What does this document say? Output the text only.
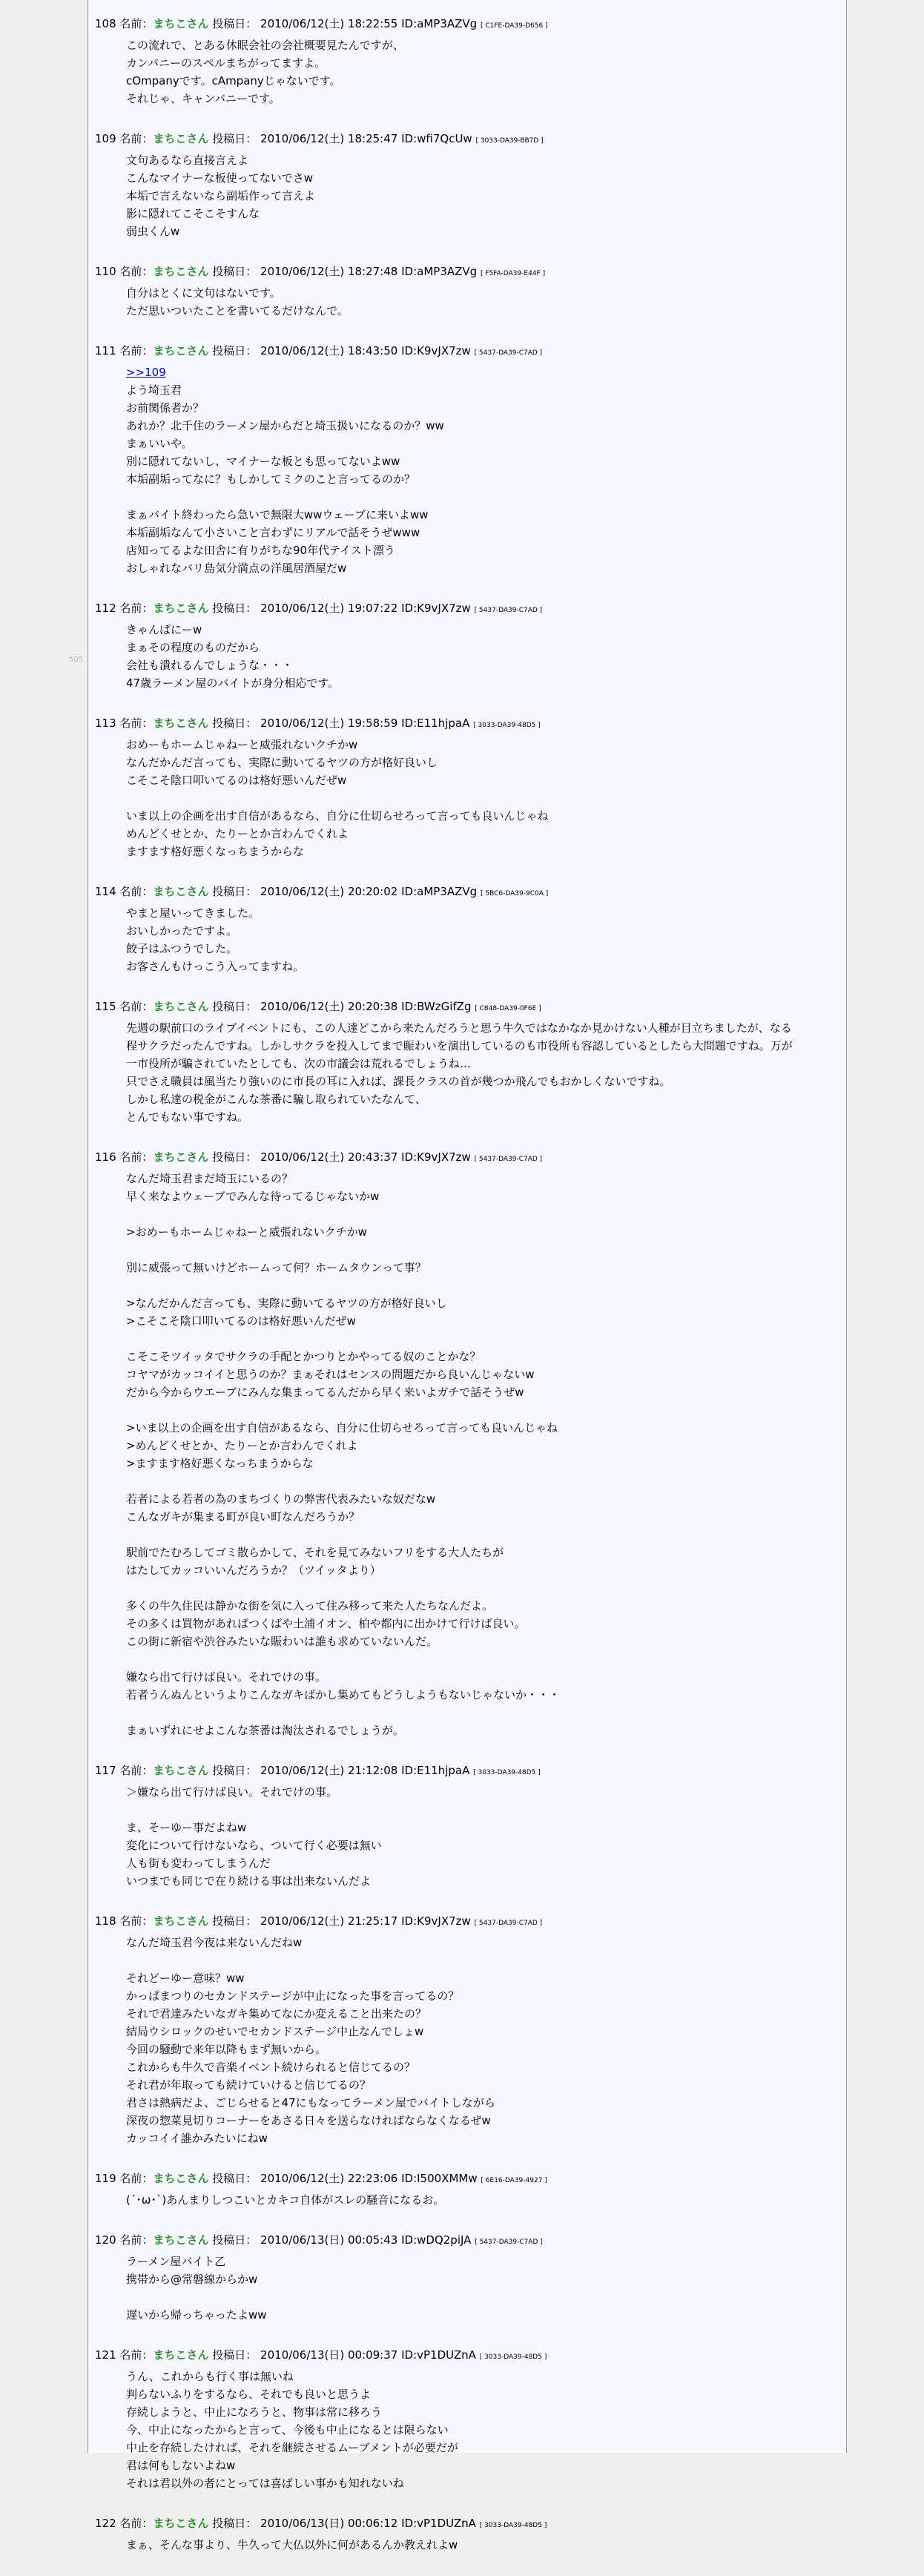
108 名前：まちこさん 投稿日： 2010/06/12(土) 18:22:55 ID:aMP3AZVg [ C1FE-DA39-D656 ]
この流れで、とある休眠会社の会社概要見たんですが、
カンバニーのスペルまちがってますよ。
cOmpanyです。cAmpanyじゃないです。
それじゃ、キャンバニーです。
109 名前：まちこさん 投稿日： 2010/06/12(土) 18:25:47 ID:wfi7QcUw [ 3033-DA39-BB7D ]
文句あるなら直接言えよ
こんなマイナーな板使ってないでさw
本垢で言えないなら副垢作って言えよ
影に隠れてこそこそすんな
弱虫くんw
110 名前：まちこさん 投稿日： 2010/06/12(土) 18:27:48 ID:aMP3AZVg [ F5FA-DA39-E44F ]
自分はとくに文句はないです。
ただ思いついたことを書いてるだけなんで。
111 名前：まちこさん 投稿日： 2010/06/12(土) 18:43:50 ID:K9vJX7zw [ 5437-DA39-C7AD ]
>>109
よう埼玉君
お前関係者か？
あれか？北千住のラーメン屋からだと埼玉扱いになるのか？ww
まぁいいや。
別に隠れてないし、マイナーな板とも思ってないよww
本垢副垢ってなに？もしかしてミクのこと言ってるのか？
まぁバイト終わったら急いで無限大wwウェーブに来いよww
本垢副垢なんて小さいこと言わずにリアルで話そうぜwww
店知ってるよな田舎に有りがちな90年代テイスト漂う
おしゃれなバリ島気分満点の洋風居酒屋だw
112 名前：まちこさん 投稿日： 2010/06/12(土) 19:07:22 ID:K9vJX7zw [ 5437-DA39-C7AD ]
きゃんぱにーw
まぁその程度のものだから
会社も潰れるんでしょうな・・・
47歳ラーメン屋のバイトが身分相応です。
113 名前：まちこさん 投稿日： 2010/06/12(土) 19:58:59 ID:E11hjpaA [ 3033-DA39-48D5 ]
おめーもホームじゃねーと威張れないクチかw
なんだかんだ言っても、実際に動いてるヤツの方が格好良いし
こそこそ陰口叩いてるのは格好悪いんだぜw
いま以上の企画を出す自信があるなら、自分に仕切らせろって言っても良いんじゃね
めんどくせとか、たりーとか言わんでくれよ
ますます格好悪くなっちまうからな
114 名前：まちこさん 投稿日： 2010/06/12(土) 20:20:02 ID:aMP3AZVg [ 5BC6-DA39-9C0A ]
やまと屋いってきました。
おいしかったですよ。
餃子はふつうでした。
お客さんもけっこう入ってますね。
115 名前：まちこさん 投稿日： 2010/06/12(土) 20:20:38 ID:BWzGifZg [ C848-DA39-0F6E ]
先週の駅前口のライブイベントにも、この人達どこから来たんだろうと思う牛久ではなかなか見かけない人種が目立ちましたが、なる
程サクラだったんですね。しかしサクラを投入してまで賑わいを演出しているのも市役所も容認しているとしたら大問題ですね。万が
一市役所が騙されていたとしても、次の市議会は荒れるでしょうね…
只でさえ職員は風当たり強いのに市長の耳に入れば、課長クラスの首が幾つか飛んでもおかしくないですね。
しかし私達の税金がこんな茶番に騙し取られていたなんて、
とんでもない事ですね。
116 名前：まちこさん 投稿日： 2010/06/12(土) 20:43:37 ID:K9vJX7zw [ 5437-DA39-C7AD ]
なんだ埼玉君まだ埼玉にいるの？
早く来なよウェーブでみんな待ってるじゃないかw
>おめーもホームじゃねーと威張れないクチかw
別に威張って無いけどホームって何？ホームタウンって事？
>なんだかんだ言っても、実際に動いてるヤツの方が格好良いし
>こそこそ陰口叩いてるのは格好悪いんだぜw
こそこそツイッタでサクラの手配とかつりとかやってる奴のことかな？
コヤマがカッコイイと思うのか？まぁそれはセンスの問題だから良いんじゃないw
だから今からウエーブにみんな集まってるんだから早く来いよガチで話そうぜw
>いま以上の企画を出す自信があるなら、自分に仕切らせろって言っても良いんじゃね
>めんどくせとか、たりーとか言わんでくれよ
>ますます格好悪くなっちまうからな
若者による若者の為のまちづくりの弊害代表みたいな奴だなw
こんなガキが集まる町が良い町なんだろうか？
駅前でたむろしてゴミ散らかして、それを見てみないフリをする大人たちが
はたしてカッコいいんだろうか？（ツイッタより）
多くの牛久住民は静かな街を気に入って住み移って来た人たちなんだよ。
その多くは買物があればつくばや土浦イオン、柏や都内に出かけて行けば良い。
この街に新宿や渋谷みたいな賑わいは誰も求めていないんだ。
嫌なら出て行けば良い。それでけの事。
若者うんぬんというよりこんなガキばかし集めてもどうしようもないじゃないか・・・
まぁいずれにせよこんな茶番は淘汰されるでしょうが。
117 名前：まちこさん 投稿日： 2010/06/12(土) 21:12:08 ID:E11hjpaA [ 3033-DA39-48D5 ]
＞嫌なら出て行けば良い。それでけの事。
ま、そーゆー事だよねw
変化について行けないなら、ついて行く必要は無い
人も街も変わってしまうんだ
いつまでも同じで在り続ける事は出来ないんだよ
118 名前：まちこさん 投稿日： 2010/06/12(土) 21:25:17 ID:K9vJX7zw [ 5437-DA39-C7AD ]
なんだ埼玉君今夜は来ないんだねw
それどーゆー意味？ww
かっぱまつりのセカンドステージが中止になった事を言ってるの？
それで君達みたいなガキ集めてなにか変えること出来たの？
結局ウシロックのせいでセカンドステージ中止なんでしょw
今回の騒動で来年以降もまず無いから。
これからも牛久で音楽イベント続けられると信じてるの？
それ君が年取っても続けていけると信じてるの？
君さは熱病だよ、ごじらせると47にもなってラーメン屋でバイトしながら
深夜の惣菜見切りコーナーをあさる日々を送らなければならなくなるぜw
カッコイイ誰かみたいにねw
119 名前：まちこさん 投稿日： 2010/06/12(土) 22:23:06 ID:I500XMMw [ 6E16-DA39-4927 ]
(´･ω･`)あんまりしつこいとカキコ自体がスレの騒音になるお。
120 名前：まちこさん 投稿日： 2010/06/13(日) 00:05:43 ID:wDQ2piJA [ 5437-DA39-C7AD ]
ラーメン屋バイト乙
携帯から@常磐線からかw
遅いから帰っちゃったよww
121 名前：まちこさん 投稿日： 2010/06/13(日) 00:09:37 ID:vP1DUZnA [ 3033-DA39-48D5 ]
うん、これからも行く事は無いね
判らないふりをするなら、それでも良いと思うよ
存続しようと、中止になろうと、物事は常に移ろう
今、中止になったからと言って、今後も中止になるとは限らない
中止を存続したければ、それを継続させるムーブメントが必要だが
君は何もしないよねw
それは君以外の者にとっては喜ばしい事かも知れないね
122 名前：まちこさん 投稿日： 2010/06/13(日) 00:06:12 ID:vP1DUZnA [ 3033-DA39-48D5 ]
まぁ、そんな事より、牛久って大仏以外に何があるんか教えれよw
505
